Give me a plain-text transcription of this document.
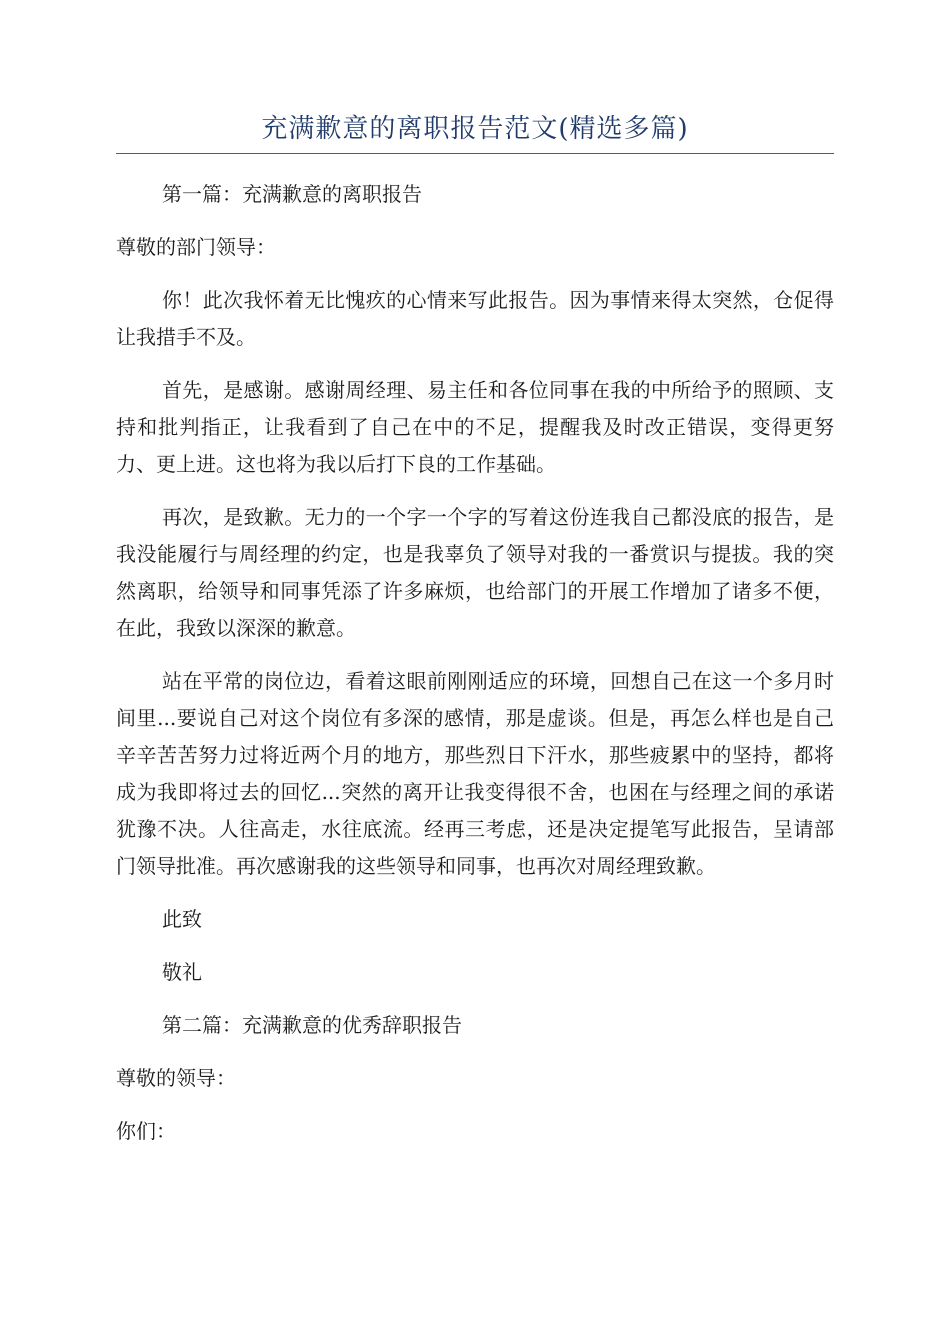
充满歉意的离职报告范文(精选多篇)

第一篇：充满歉意的离职报告

尊敬的部门领导：

你！此次我怀着无比愧疚的心情来写此报告。因为事情来得太突然，仓促得让我措手不及。

首先，是感谢。感谢周经理、易主任和各位同事在我的中所给予的照顾、支持和批判指正，让我看到了自己在中的不足，提醒我及时改正错误，变得更努力、更上进。这也将为我以后打下良的工作基础。

再次，是致歉。无力的一个字一个字的写着这份连我自己都没底的报告，是我没能履行与周经理的约定，也是我辜负了领导对我的一番赏识与提拔。我的突然离职，给领导和同事凭添了许多麻烦，也给部门的开展工作增加了诸多不便，在此，我致以深深的歉意。

站在平常的岗位边，看着这眼前刚刚适应的环境，回想自己在这一个多月时间里...要说自己对这个岗位有多深的感情，那是虚谈。但是，再怎么样也是自己辛辛苦苦努力过将近两个月的地方，那些烈日下汗水，那些疲累中的坚持，都将成为我即将过去的回忆...突然的离开让我变得很不舍，也困在与经理之间的承诺犹豫不决。人往高走，水往底流。经再三考虑，还是决定提笔写此报告，呈请部门领导批准。再次感谢我的这些领导和同事，也再次对周经理致歉。

此致

敬礼

第二篇：充满歉意的优秀辞职报告

尊敬的领导：

你们：
